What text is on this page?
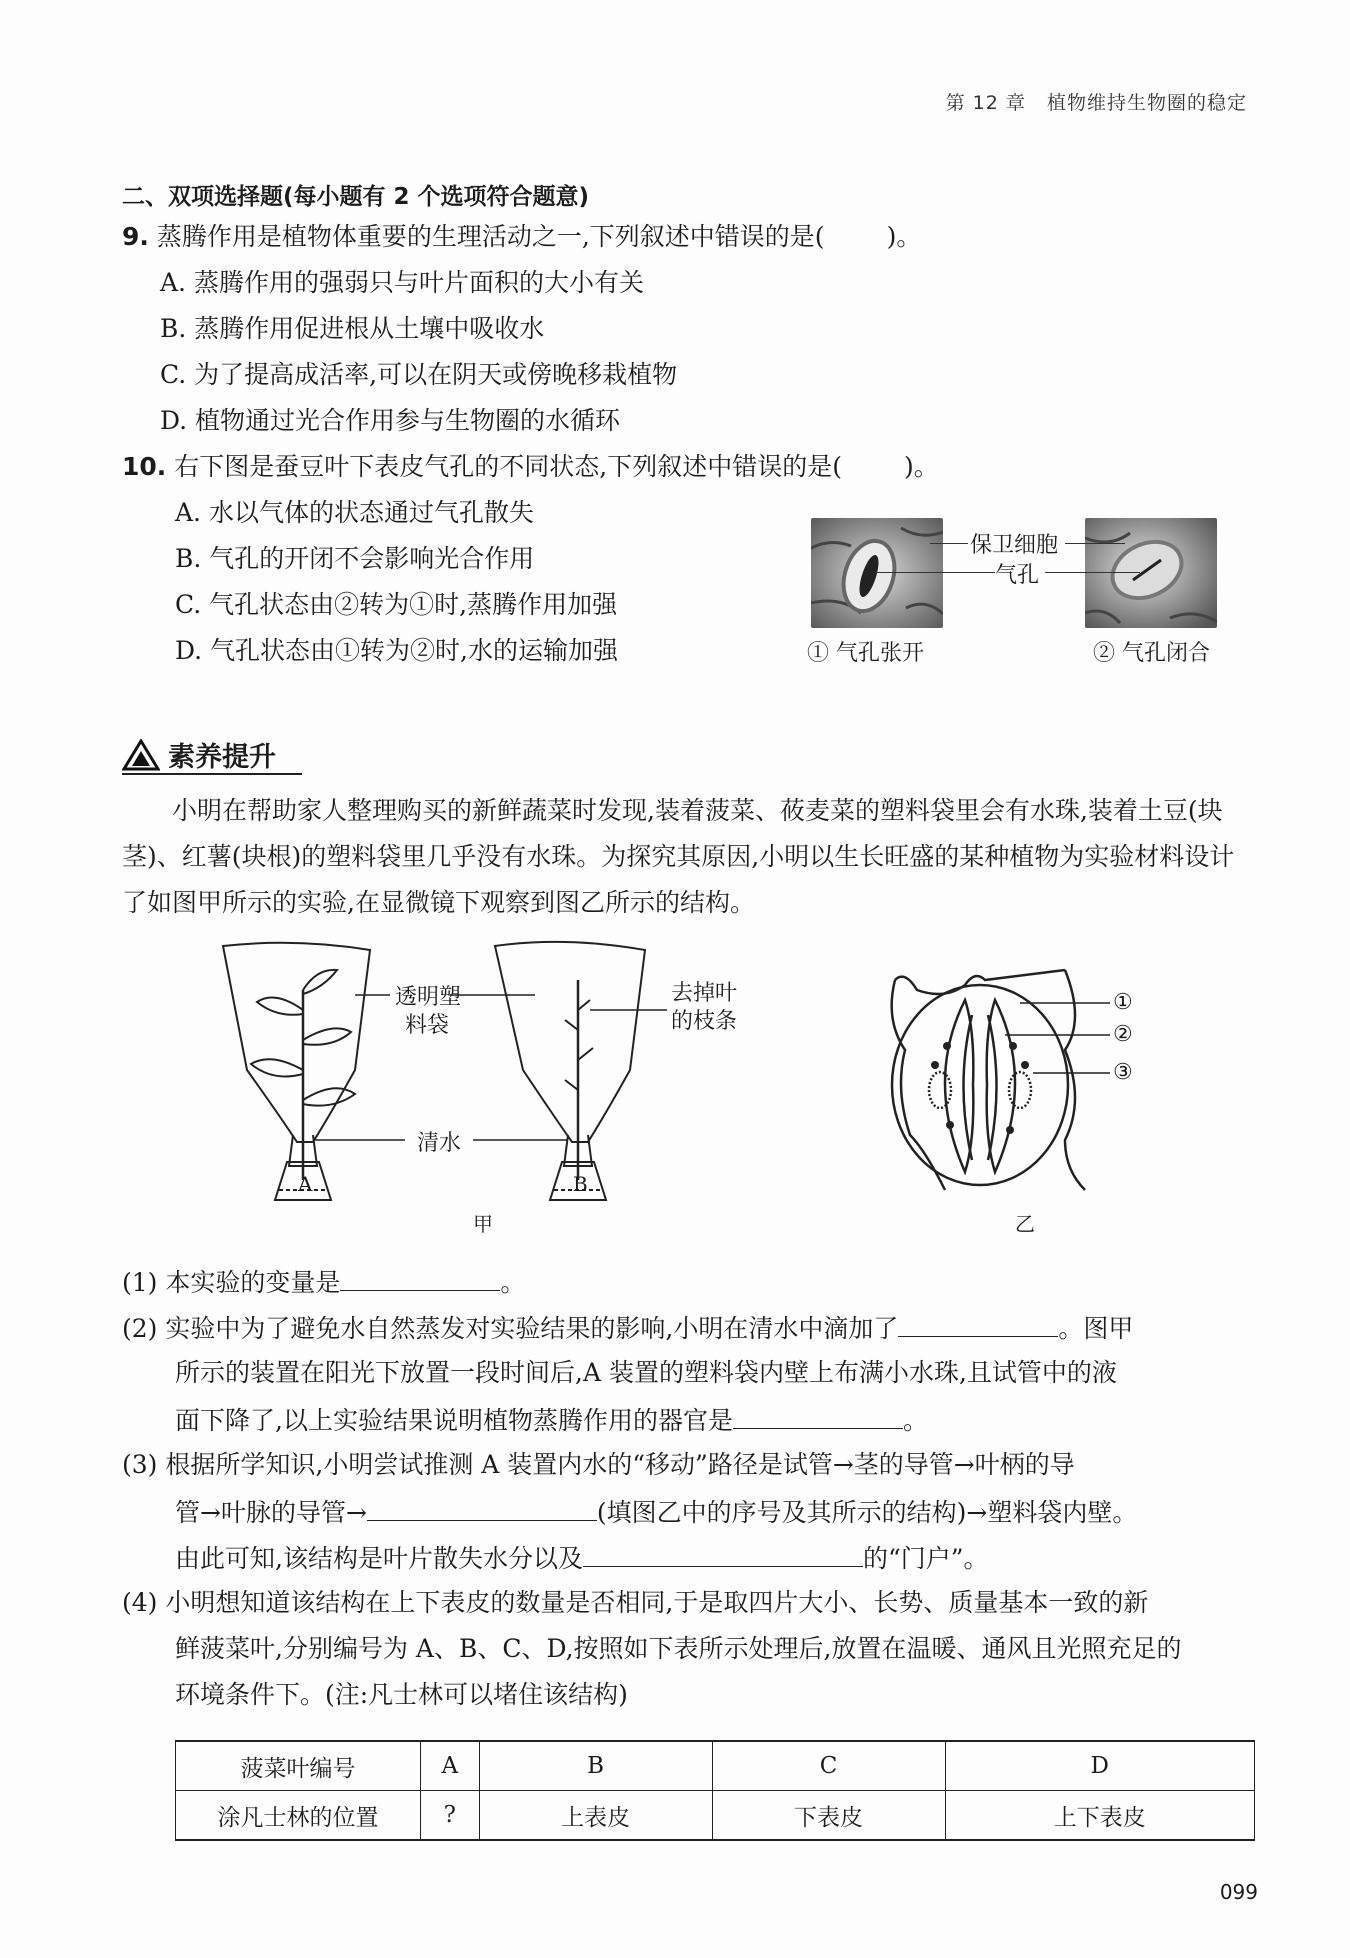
第 12 章 植物维持生物圈的稳定
二、双项选择题(每小题有 2 个选项符合题意)
9. 蒸腾作用是植物体重要的生理活动之一,下列叙述中错误的是( )。
A. 蒸腾作用的强弱只与叶片面积的大小有关
B. 蒸腾作用促进根从土壤中吸收水
C. 为了提高成活率,可以在阴天或傍晚移栽植物
D. 植物通过光合作用参与生物圈的水循环
10. 右下图是蚕豆叶下表皮气孔的不同状态,下列叙述中错误的是( )。
A. 水以气体的状态通过气孔散失
B. 气孔的开闭不会影响光合作用
C. 气孔状态由②转为①时,蒸腾作用加强
D. 气孔状态由①转为②时,水的运输加强
保卫细胞
气孔
① 气孔张开	② 气孔闭合
素养提升
小明在帮助家人整理购买的新鲜蔬菜时发现,装着菠菜、莜麦菜的塑料袋里会有水珠,装着土豆(块茎)、红薯(块根)的塑料袋里几乎没有水珠。为探究其原因,小明以生长旺盛的某种植物为实验材料设计了如图甲所示的实验,在显微镜下观察到图乙所示的结构。
透明塑
料袋
去掉叶
的枝条
清水
A	B
甲
①
②
③
乙
(1) 本实验的变量是	。
(2) 实验中为了避免水自然蒸发对实验结果的影响,小明在清水中滴加了	。图甲
所示的装置在阳光下放置一段时间后,A 装置的塑料袋内壁上布满小水珠,且试管中的液
面下降了,以上实验结果说明植物蒸腾作用的器官是	。
(3) 根据所学知识,小明尝试推测 A 装置内水的“移动”路径是试管→茎的导管→叶柄的导
管→叶脉的导管→	(填图乙中的序号及其所示的结构)→塑料袋内壁。
由此可知,该结构是叶片散失水分以及	的“门户”。
(4) 小明想知道该结构在上下表皮的数量是否相同,于是取四片大小、长势、质量基本一致的新
鲜菠菜叶,分别编号为 A、B、C、D,按照如下表所示处理后,放置在温暖、通风且光照充足的
环境条件下。(注:凡士林可以堵住该结构)
菠菜叶编号	A	B	C	D
涂凡士林的位置	?	上表皮	下表皮	上下表皮
099
